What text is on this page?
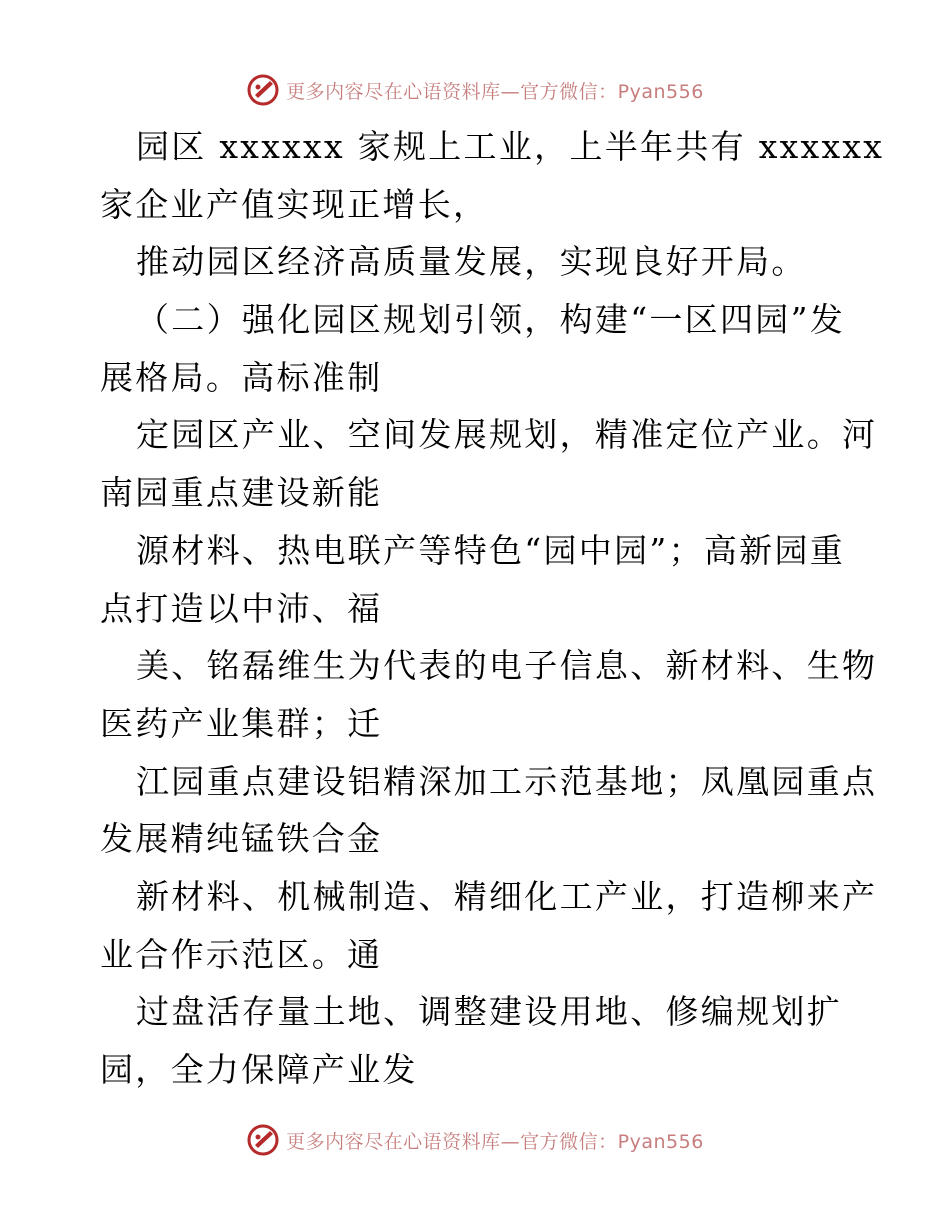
更多内容尽在心语资料库—官方微信：Pyan556
园区 xxxxxx 家规上工业，上半年共有 xxxxxx
家企业产值实现正增长，
推动园区经济高质量发展，实现良好开局。
（二）强化园区规划引领，构建“一区四园”发
展格局。高标准制
定园区产业、空间发展规划，精准定位产业。河
南园重点建设新能
源材料、热电联产等特色“园中园”；高新园重
点打造以中沛、福
美、铭磊维生为代表的电子信息、新材料、生物
医药产业集群；迁
江园重点建设铝精深加工示范基地；凤凰园重点
发展精纯锰铁合金
新材料、机械制造、精细化工产业，打造柳来产
业合作示范区。通
过盘活存量土地、调整建设用地、修编规划扩
园，全力保障产业发
更多内容尽在心语资料库—官方微信：Pyan556
